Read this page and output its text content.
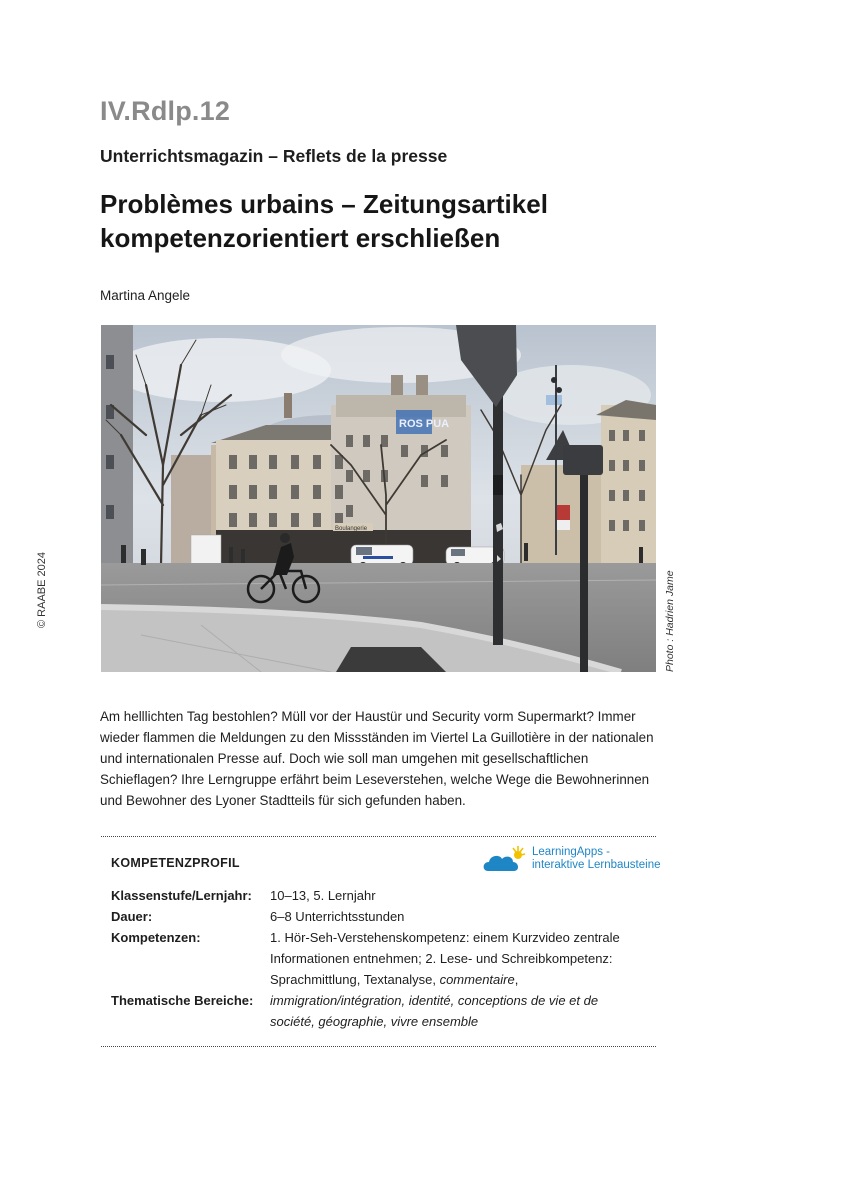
IV.Rdlp.12
Unterrichtsmagazin – Reflets de la presse
Problèmes urbains – Zeitungsartikel
kompetenzorientiert erschließen
Martina Angele
© RAABE 2024
ROS PUA
Boulangerie
Photo : Hadrien Jame
Am helllichten Tag bestohlen? Müll vor der Haustür und Security vorm Supermarkt? Immer wieder flammen die Meldungen zu den Missständen im Viertel La Guillotière in der nationalen und internationalen Presse auf. Doch wie soll man umgehen mit gesellschaftlichen Schieflagen? Ihre Lerngruppe erfährt beim Leseverstehen, welche Wege die Bewohnerinnen und Bewohner des Lyoner Stadtteils für sich gefunden haben.
KOMPETENZPROFIL
LearningApps -
interaktive Lernbausteine
Klassenstufe/Lernjahr: 10–13, 5. Lernjahr
Dauer:	6–8 Unterrichtsstunden
Kompetenzen:	1. Hör-Seh-Verstehenskompetenz: einem Kurzvideo zentrale Informationen entnehmen; 2. Lese- und Schreibkompetenz: Sprachmittlung, Textanalyse, commentaire,
Thematische Bereiche: immigration/intégration, identité, conceptions de vie et de société, géographie, vivre ensemble
